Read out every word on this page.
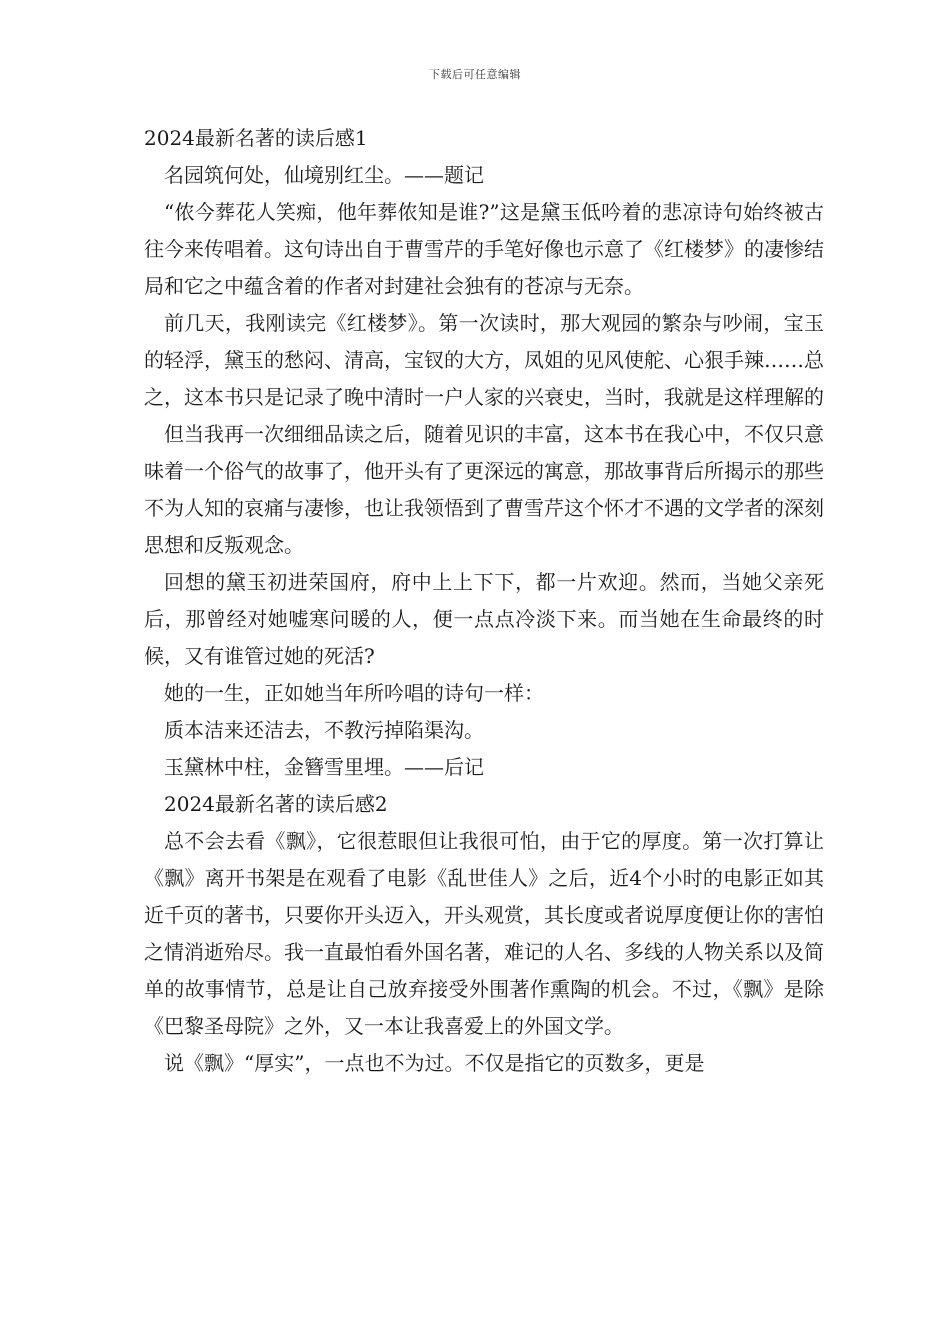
下载后可任意编辑

2024最新名著的读后感1

名园筑何处，仙境别红尘。——题记

“侬今葬花人笑痴，他年葬侬知是谁?”这是黛玉低吟着的悲凉诗句始终被古往今来传唱着。这句诗出自于曹雪芹的手笔好像也示意了《红楼梦》的凄惨结局和它之中蕴含着的作者对封建社会独有的苍凉与无奈。

前几天，我刚读完《红楼梦》。第一次读时，那大观园的繁杂与吵闹，宝玉的轻浮，黛玉的愁闷、清高，宝钗的大方，凤姐的见风使舵、心狠手辣……总之，这本书只是记录了晚中清时一户人家的兴衰史，当时，我就是这样理解的

但当我再一次细细品读之后，随着见识的丰富，这本书在我心中，不仅只意味着一个俗气的故事了，他开头有了更深远的寓意，那故事背后所揭示的那些不为人知的哀痛与凄惨，也让我领悟到了曹雪芹这个怀才不遇的文学者的深刻思想和反叛观念。

回想的黛玉初进荣国府，府中上上下下，都一片欢迎。然而，当她父亲死后，那曾经对她嘘寒问暖的人，便一点点冷淡下来。而当她在生命最终的时候，又有谁管过她的死活?

她的一生，正如她当年所吟唱的诗句一样：

质本洁来还洁去，不教污掉陷渠沟。

玉黛林中柱，金簪雪里埋。——后记

2024最新名著的读后感2

总不会去看《飘》，它很惹眼但让我很可怕，由于它的厚度。第一次打算让《飘》离开书架是在观看了电影《乱世佳人》之后，近4个小时的电影正如其近千页的著书，只要你开头迈入，开头观赏，其长度或者说厚度便让你的害怕之情消逝殆尽。我一直最怕看外国名著，难记的人名、多线的人物关系以及简单的故事情节，总是让自己放弃接受外围著作熏陶的机会。不过，《飘》是除《巴黎圣母院》之外，又一本让我喜爱上的外国文学。

说《飘》“厚实”，一点也不为过。不仅是指它的页数多，更是
